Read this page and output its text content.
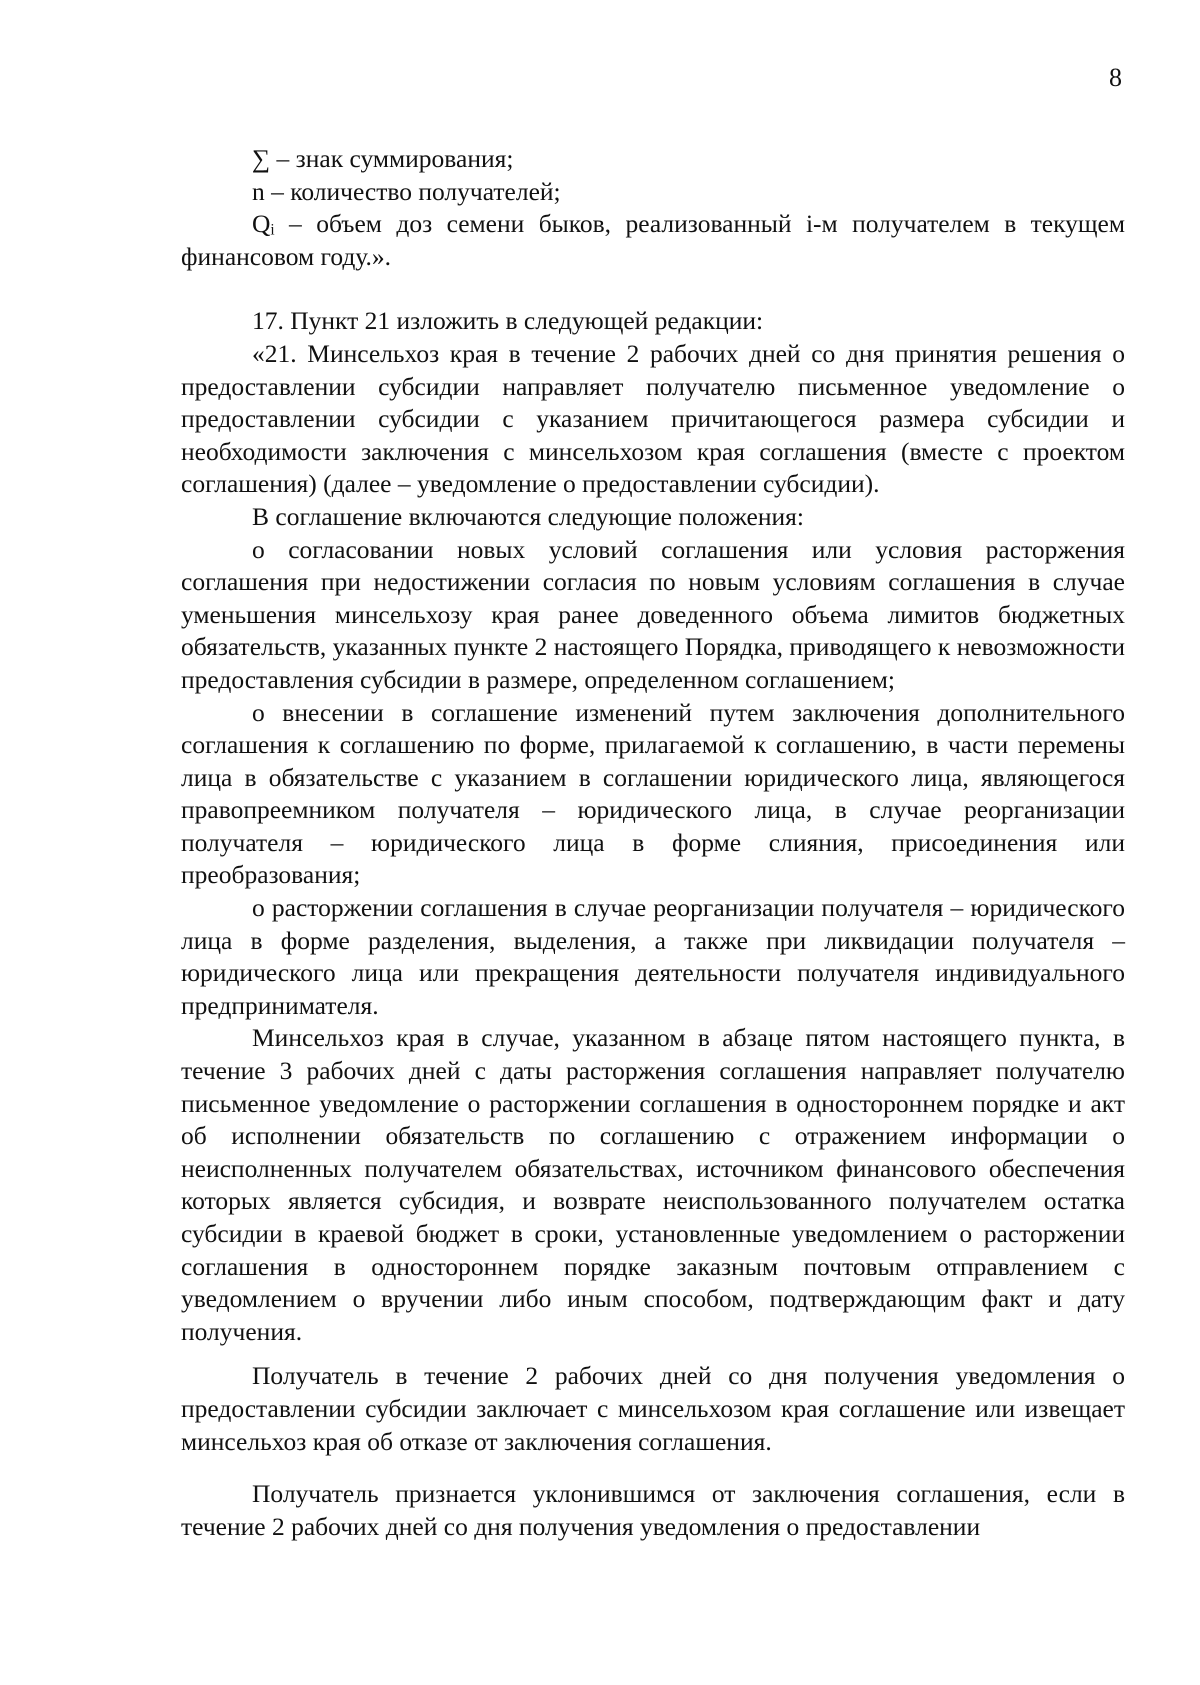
8

∑ – знак суммирования;

n – количество получателей;

Qᵢ – объем доз семени быков, реализованный i-м получателем в текущем финансовом году.».

17. Пункт 21 изложить в следующей редакции:

«21. Минсельхоз края в течение 2 рабочих дней со дня принятия решения о предоставлении субсидии направляет получателю письменное уведомление о предоставлении субсидии с указанием причитающегося размера субсидии и необходимости заключения с минсельхозом края соглашения (вместе с проектом соглашения) (далее – уведомление о предоставлении субсидии).

В соглашение включаются следующие положения:

о согласовании новых условий соглашения или условия расторжения соглашения при недостижении согласия по новым условиям соглашения в случае уменьшения минсельхозу края ранее доведенного объема лимитов бюджетных обязательств, указанных пункте 2 настоящего Порядка, приводящего к невозможности предоставления субсидии в размере, определенном соглашением;

о внесении в соглашение изменений путем заключения дополнительного соглашения к соглашению по форме, прилагаемой к соглашению, в части перемены лица в обязательстве с указанием в соглашении юридического лица, являющегося правопреемником получателя – юридического лица, в случае реорганизации получателя – юридического лица в форме слияния, присоединения или преобразования;

о расторжении соглашения в случае реорганизации получателя – юридического лица в форме разделения, выделения, а также при ликвидации получателя – юридического лица или прекращения деятельности получателя индивидуального предпринимателя.

Минсельхоз края в случае, указанном в абзаце пятом настоящего пункта, в течение 3 рабочих дней с даты расторжения соглашения направляет получателю письменное уведомление о расторжении соглашения в одностороннем порядке и акт об исполнении обязательств по соглашению с отражением информации о неисполненных получателем обязательствах, источником финансового обеспечения которых является субсидия, и возврате неиспользованного получателем остатка субсидии в краевой бюджет в сроки, установленные уведомлением о расторжении соглашения в одностороннем порядке заказным почтовым отправлением с уведомлением о вручении либо иным способом, подтверждающим факт и дату получения.

Получатель в течение 2 рабочих дней со дня получения уведомления о предоставлении субсидии заключает с минсельхозом края соглашение или извещает минсельхоз края об отказе от заключения соглашения.

Получатель признается уклонившимся от заключения соглашения, если в течение 2 рабочих дней со дня получения уведомления о предоставлении
